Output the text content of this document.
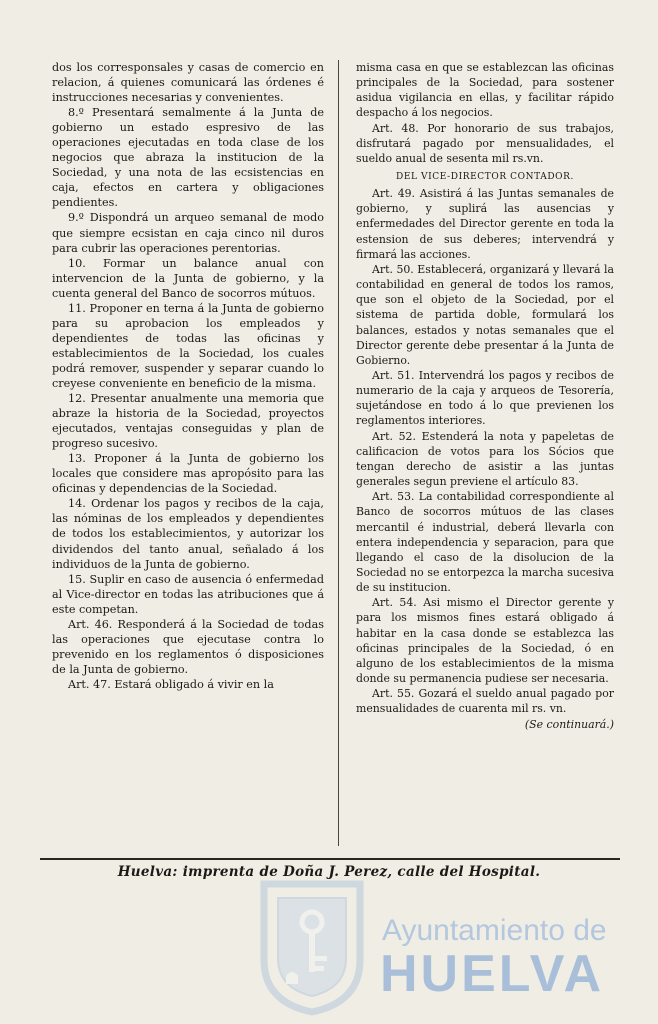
dos los corresponsales y casas de comercio en relacion, á quienes comunicará las órdenes é instrucciones necesarias y convenientes.

8.º Presentará semalmente á la Junta de gobierno un estado espresivo de las operaciones ejecutadas en toda clase de los negocios que abraza la institucion de la Sociedad, y una nota de las ecsistencias en caja, efectos en cartera y obligaciones pendientes.

9.º Dispondrá un arqueo semanal de modo que siempre ecsistan en caja cinco nil duros para cubrir las operaciones perentorias.

10. Formar un balance anual con intervencion de la Junta de gobierno, y la cuenta general del Banco de socorros mútuos.

11. Proponer en terna á la Junta de gobierno para su aprobacion los empleados y dependientes de todas las oficinas y establecimientos de la Sociedad, los cuales podrá remover, suspender y separar cuando lo creyese conveniente en beneficio de la misma.

12. Presentar anualmente una memoria que abraze la historia de la Sociedad, proyectos ejecutados, ventajas conseguidas y plan de progreso sucesivo.

13. Proponer á la Junta de gobierno los locales que considere mas apropósito para las oficinas y dependencias de la Sociedad.

14. Ordenar los pagos y recibos de la caja, las nóminas de los empleados y dependientes de todos los establecimientos, y autorizar los dividendos del tanto anual, señalado á los individuos de la Junta de gobierno.

15. Suplir en caso de ausencia ó enfermedad al Vice-director en todas las atribuciones que á este competan.

Art. 46. Responderá á la Sociedad de todas las operaciones que ejecutase contra lo prevenido en los reglamentos ó disposiciones de la Junta de gobierno.

Art. 47. Estará obligado á vivir en la

misma casa en que se establezcan las oficinas principales de la Sociedad, para sostener asidua vigilancia en ellas, y facilitar rápido despacho á los negocios.

Art. 48. Por honorario de sus trabajos, disfrutará pagado por mensualidades, el sueldo anual de sesenta mil rs.vn.

DEL VICE-DIRECTOR CONTADOR.

Art. 49. Asistirá á las Juntas semanales de gobierno, y suplirá las ausencias y enfermedades del Director gerente en toda la estension de sus deberes; intervendrá y firmará las acciones.

Art. 50. Establecerá, organizará y llevará la contabilidad en general de todos los ramos, que son el objeto de la Sociedad, por el sistema de partida doble, formulará los balances, estados y notas semanales que el Director gerente debe presentar á la Junta de Gobierno.

Art. 51. Intervendrá los pagos y recibos de numerario de la caja y arqueos de Tesorería, sujetándose en todo á lo que previenen los reglamentos interiores.

Art. 52. Estenderá la nota y papeletas de calificacion de votos para los Sócios que tengan derecho de asistir a las juntas generales segun previene el artículo 83.

Art. 53. La contabilidad correspondiente al Banco de socorros mútuos de las clases mercantil é industrial, deberá llevarla con entera independencia y separacion, para que llegando el caso de la disolucion de la Sociedad no se entorpezca la marcha sucesiva de su institucion.

Art. 54. Asi mismo el Director gerente y para los mismos fines estará obligado á habitar en la casa donde se establezca las oficinas principales de la Sociedad, ó en alguno de los establecimientos de la misma donde su permanencia pudiese ser necesaria.

Art. 55. Gozará el sueldo anual pagado por mensualidades de cuarenta mil rs. vn.

(Se continuará.)

Huelva: imprenta de Doña J. Perez, calle del Hospital.
Ayuntamiento de
HUELVA
